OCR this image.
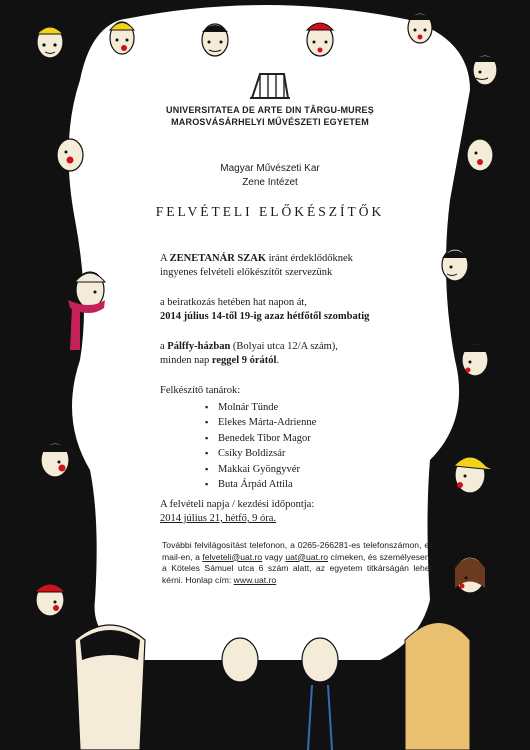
UNIVERSITATEA DE ARTE DIN TÂRGU-MUREȘ
MAROSVÁSÁRHELYI MŰVÉSZETI EGYETEM
Magyar Művészeti Kar
Zene Intézet
FELVÉTELI ELŐKÉSZÍTŐK
A ZENETANÁR SZAK iránt érdeklődőknek
ingyenes felvételi előkészítőt szervezünk
a beiratkozás hetében hat napon át,
2014 július 14-től 19-ig azaz hétfőtől szombatig
a Pálffy-házban (Bolyai utca 12/A szám),
minden nap reggel 9 órától.
Felkészítő tanárok:
▪ Molnár Tünde
▪ Elekes Márta-Adrienne
▪ Benedek Tibor Magor
▪ Csíky Boldizsár
▪ Makkai Gyöngyvér
▪ Buta Árpád Attila
A felvételi napja / kezdési időpontja:
2014 július 21, hétfő, 9 óra.
További felvilágosítást telefonon, a 0265-266281-es telefonszámon, e-mail-en, a felveteli@uat.ro vagy uat@uat.ro címeken, és személyesen, a Köteles Sámuel utca 6 szám alatt, az egyetem titkárságán lehet kérni. Honlap cím: www.uat.ro
